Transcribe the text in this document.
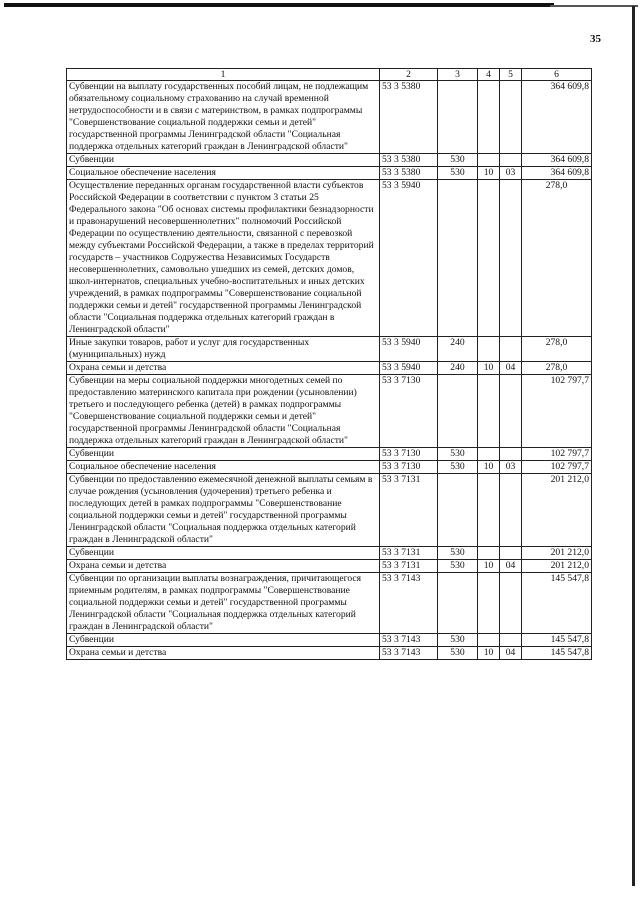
35
1	2	3	4	5	6
Субвенции на выплату государственных пособий лицам, не подлежащим обязательному социальному страхованию на случай временной нетрудоспособности и в связи с материнством, в рамках подпрограммы "Совершенствование социальной поддержки семьи и детей" государственной программы Ленинградской области "Социальная поддержка отдельных категорий граждан в Ленинградской области"	53 3 5380				364 609,8
Субвенции	53 3 5380	530			364 609,8
Социальное обеспечение населения	53 3 5380	530	10	03	364 609,8
Осуществление переданных органам государственной власти субъектов Российской Федерации в соответствии с пунктом 3 статьи 25 Федерального закона "Об основах системы профилактики безнадзорности и правонарушений несовершеннолетних" полномочий Российской Федерации по осуществлению деятельности, связанной с перевозкой между субъектами Российской Федерации, а также в пределах территорий государств – участников Содружества Независимых Государств несовершеннолетних, самовольно ушедших из семей, детских домов, школ-интернатов, специальных учебно-воспитательных и иных детских учреждений, в рамках подпрограммы "Совершенствование социальной поддержки семьи и детей" государственной программы Ленинградской области "Социальная поддержка отдельных категорий граждан в Ленинградской области"	53 3 5940				278,0
Иные закупки товаров, работ и услуг для государственных (муниципальных) нужд	53 3 5940	240			278,0
Охрана семьи и детства	53 3 5940	240	10	04	278,0
Субвенции на меры социальной поддержки многодетных семей по предоставлению материнского капитала при рождении (усыновлении) третьего и последующего ребенка (детей) в рамках подпрограммы "Совершенствование социальной поддержки семьи и детей" государственной программы Ленинградской области "Социальная поддержка отдельных категорий граждан в Ленинградской области"	53 3 7130				102 797,7
Субвенции	53 3 7130	530			102 797,7
Социальное обеспечение населения	53 3 7130	530	10	03	102 797,7
Субвенции по предоставлению ежемесячной денежной выплаты семьям в случае рождения (усыновления (удочерения) третьего ребенка и последующих детей в рамках подпрограммы "Совершенствование социальной поддержки семьи и детей" государственной программы Ленинградской области "Социальная поддержка отдельных категорий граждан в Ленинградской области"	53 3 7131				201 212,0
Субвенции	53 3 7131	530			201 212,0
Охрана семьи и детства	53 3 7131	530	10	04	201 212,0
Субвенции по организации выплаты вознаграждения, причитающегося приемным родителям, в рамках подпрограммы "Совершенствование социальной поддержки семьи и детей" государственной программы Ленинградской области "Социальная поддержка отдельных категорий граждан в Ленинградской области"	53 3 7143				145 547,8
Субвенции	53 3 7143	530			145 547,8
Охрана семьи и детства	53 3 7143	530	10	04	145 547,8
